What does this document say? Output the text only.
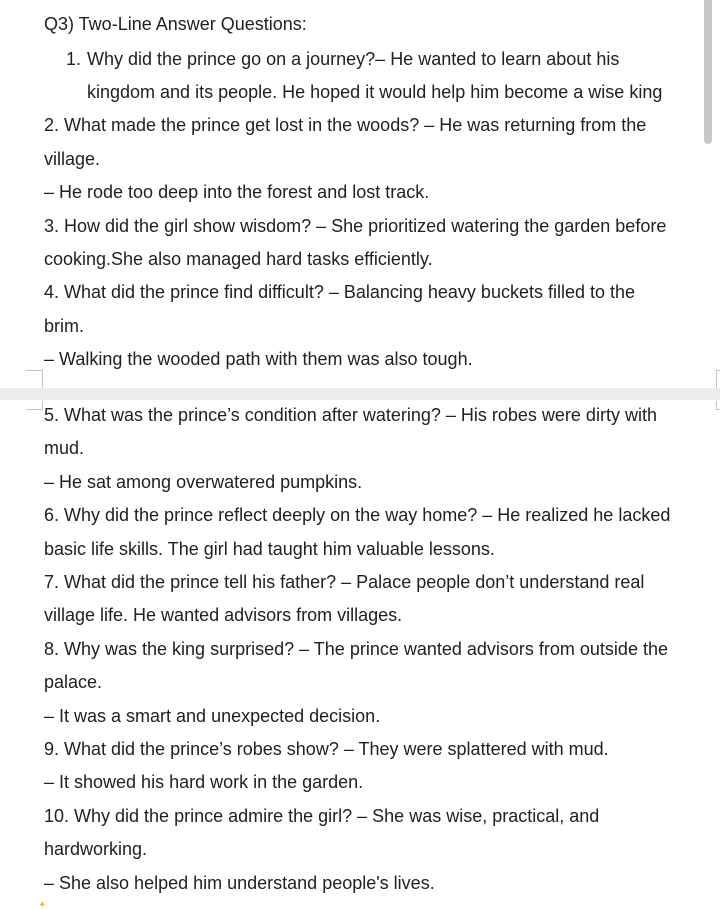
Q3) Two-Line Answer Questions:
1. Why did the prince go on a journey?– He wanted to learn about his
kingdom and its people. He hoped it would help him become a wise king
2. What made the prince get lost in the woods? – He was returning from the
village.
– He rode too deep into the forest and lost track.
3. How did the girl show wisdom? – She prioritized watering the garden before
cooking.She also managed hard tasks efficiently.
4. What did the prince find difficult? – Balancing heavy buckets filled to the
brim.
– Walking the wooded path with them was also tough.
5. What was the prince’s condition after watering? – His robes were dirty with
mud.
– He sat among overwatered pumpkins.
6. Why did the prince reflect deeply on the way home? – He realized he lacked
basic life skills. The girl had taught him valuable lessons.
7. What did the prince tell his father? – Palace people don’t understand real
village life. He wanted advisors from villages.
8. Why was the king surprised? – The prince wanted advisors from outside the
palace.
– It was a smart and unexpected decision.
9. What did the prince’s robes show? – They were splattered with mud.
– It showed his hard work in the garden.
10. Why did the prince admire the girl? – She was wise, practical, and
hardworking.
– She also helped him understand people's lives.
✦
